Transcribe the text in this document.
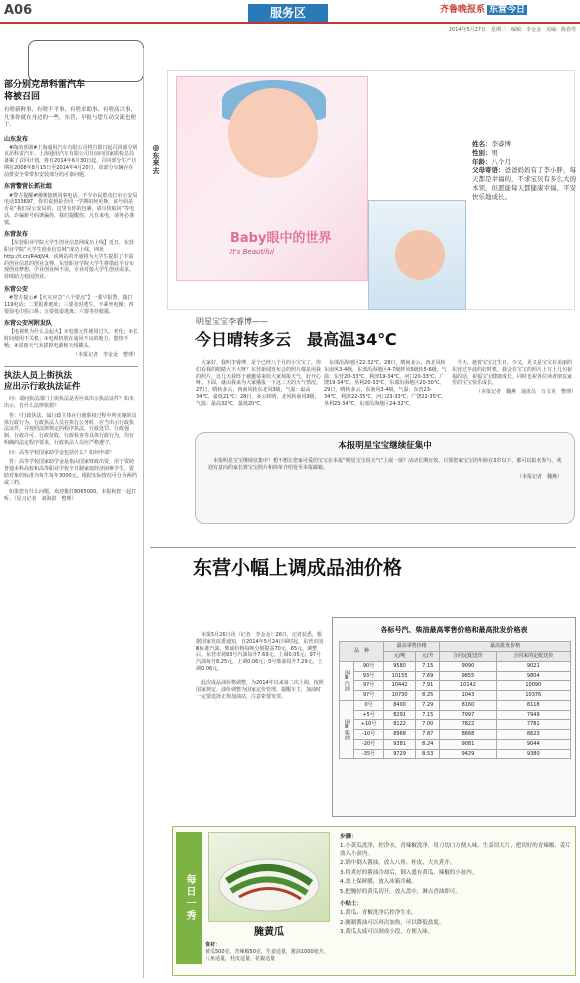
A06	服务区	齐鲁晚报系 东营今日
2014年5月27日　星期二　编辑：李金金　美编：陈春男
部分别克昂科雷汽车
将被召回
有啥新鲜事、有啥不平事、有啥求助事、有啥高兴事，凡事你就在身边的一些，东营，早报与您互动交流也便于。
山东发布
#陶冶喜剧#上海通用汽车有限公司将自即日起召回部分别克昂科雷汽车。上海通用汽车有限公司日前向国家质检总局备案了召回计划，将自2014年6月30日起，召回部分生产日期在2008年8月15日至2014年4月20日、该部分车辆存在前排安全带带扣安装部分的可靠问题。
东营警营长抓社组
#警方提醒#刚刚接到同事电话，不少市民群众打市公安局电话333697，你们说到是否同一学期如何更换，该号码是否是“我们是公安局的，这里有你的包裹，请尽快取回”等电话，诈骗新号码诱骗你，我们提醒你，凡有来电，请务必谨慎。
东营发布
【东营职业学院大学生创业信息网成功上线】近日，东营职业学院“大学生创业信息网”成功上线，网址http://t.cn/R4dJV4，该网站的开通将为大学生提供了丰富的创业信息的创业支撑，东营职业学院大学生将借此平台实现创业梦想，学业创业两不误，专业对接大学生创业需求，持续助力校园创业。
东营公安
#警方提示#【火灾应急“六个要点”】一要早报警，拨打119电话；二要报准地址；三要及时逃生，不乘坐电梯；四要湿毛巾捂口鼻；五要低姿逃离；六要等待救援。
东营公安河附发队
【电视机为什么会起火】①电器元件使用过久、老化；②长时间使用不关机；③电视机放在通风不良的地方，散热不畅；④雷雨天气未拔掉电源和天线插头。
（本报记者　李金金　整理）
执法人员上街执法
应出示行政执法证件
问：请问执法部门上街执法是否应该出示执法证件？如未出示，有什么法律依据？
答：《行政执法，属行政主体在行使职权过程中所实施的具体行政行为。行政执法人员在执行公务时，应当出示行政执法证件，并按照法律规定的程序执法。行政处罚、行政强制、行政许可、行政征收、行政检查等具体行政行为，均有明确的法定程序要求，行政执法人员应严格遵守。
问：高等学校国家助学金包括什么？如何申请？
答：高等学校国家助学金是指由国家财政出资，用于资助普通本科高校和高等职业学校全日制家庭经济困难学生，资助对象的标准为每生每年3000元，根据实际情况可分为两档或三档。
如果您有什么问题，欢迎拨打8065000，本报和您一起打听。（见习记者　刘海滨　整理）
@东来去
Baby眼中的世界
It's Beautiful
姓名：李睿博
性别：男
年龄：八个月
父母寄语：爸爸妈妈有了李小胖，每天都是幸福的，不求宝贝有多么大的本领，但愿能每天都健康幸福、平安快乐地成长。
明星宝宝李睿博——
今日晴转多云　最高温34℃
大家好，我叫李睿博，是个已经八个月的小宝宝了，你们看我的眼睛大不大呀？东营新闻发布会的照片都是用我的照片，这几天我终于被邀请来给大家预报天气，好开心呀。下面，就由我来为大家播报一下这三天的天气情况。27日，晴转多云，西南风转东北风3级，气温：最高34℃，最低21℃；28日，多云转晴，北风转南风3级，气温：最高32℃，最低20℃。
东部沿海地区22-32℃。28日，晴间多云，西北风转东南风3-4级，东部沿海地区4-7级阵风5级转5-6级，气温：东营20-33℃，利津19-34℃，河口20-33℃，广饶19-34℃，垦利20-33℃，东部沿海地区20-30℃。29日，晴转多云，东南风3-4级，气温：东营23-34℃，利津22-35℃，河口23-33℃，广饶22-35℃，垦利23-34℃，东部沿海地区24-32℃。
今天，趁着宝宝过生日，少又，更又是宝宝在美丽的东营过早晨的好时机，我会在宝宝的照片上写上几句祝福的话，祝福宝宝健康成长，同时也祝各位读者朋友家里的宝宝快乐成长。
（本报记者　魏燕　通讯员　万文克　整理）
本报明星宝宝继续征集中
本报明星宝宝继续征集中！想不想让您家可爱的宝宝在本报“明星宝宝说天气”上展一展？活动长期有效，只要您家宝宝的年龄在3岁以下，都可以报名参与。欢迎有意向的家长将宝宝照片和简单介绍发至本报邮箱。
（本报记者　魏燕）
东营小幅上调成品油价格
本报5月26日讯（记者　李金金）26日，记者获悉，根据国家发改委通知，自2014年5月24日零时起，东营市国Ⅲ标准汽油、柴油价格每吨分别提高70元、65元。调整后，东营市场93号汽油每升7.69元，上调0.05元；97号汽油每升8.25元，上调0.06元；0号柴油每升7.29元，上调0.06元。
此次成品油价格调整，为2014年以来第二次上调。按照国家规定，油价调整为国家定价管理。提醒车主，加油时一定要选择正规加油站，注意索要发票。
各标号汽、柴油最高零售价格和最高批发价格表
品　种		最高零售价格		最高批发价格	
		元/吨	元/升	合同定配送价	合同来的定配送价
国Ⅲ汽油	90号	9580	7.15	9090	9021
	93号	10155	7.69	9855	9804
	97号	10442	7.91	10142	10090
	97号	10730	8.25	1043	10376
国Ⅲ柴油	0号	8400	7.29	8160	8118
	+5号	8291	7.15	7997	7949
	+10号	8122	7.00	7822	7781
	-10号	8968	7.87	8668	8623
	-20号	9381	8.24	9081	9044
	-35号	9729	8.53	9429	9380
每日一秀
腌黄瓜
食材：
黄瓜500克，青辣椒50克，生姜适量，酱油1000毫升，八角适量，桂皮适量，花椒适量
步骤：
1.小黄瓜洗净，控净水，青辣椒洗净，用刀切口方便入味。生姜切大片，把切好的青辣椒、姜片放入小盆内。
2.锅中倒入酱油，放入八角、桂皮、大火煮开。
3.将煮好的酱油冷却后，倒入盛有黄瓜、辣椒的小盆内。
4.盖上保鲜膜，放入冰箱冷藏。
5.把腌好的黄瓜切开，放入盘中，淋点香油即可。
小贴士：
1.黄瓜、青椒洗净后控净生水。
2.腌制酱油可以再次加热，可以降低盐度。
3.黄瓜太咸可以剁成小段，方便入味。
